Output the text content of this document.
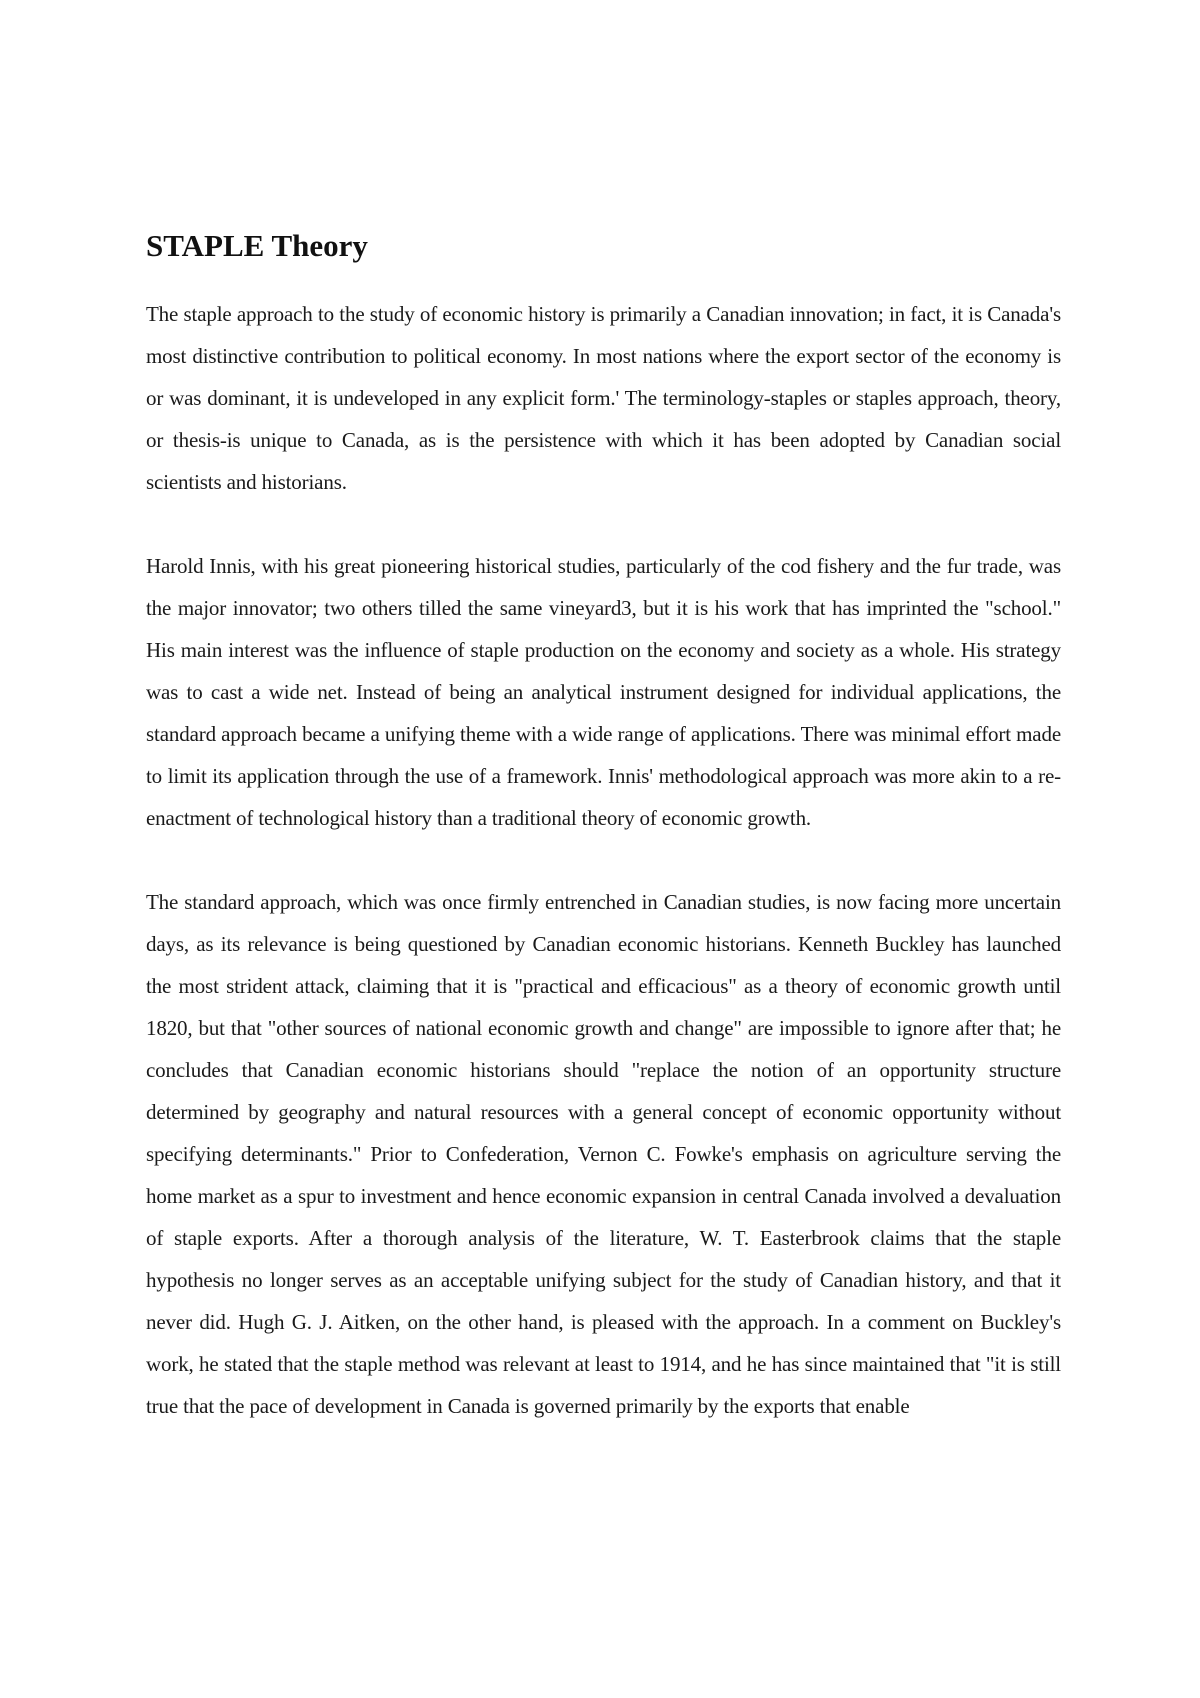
STAPLE Theory

The staple approach to the study of economic history is primarily a Canadian innovation; in fact, it is Canada's most distinctive contribution to political economy. In most nations where the export sector of the economy is or was dominant, it is undeveloped in any explicit form.' The terminology-staples or staples approach, theory, or thesis-is unique to Canada, as is the persistence with which it has been adopted by Canadian social scientists and historians.

Harold Innis, with his great pioneering historical studies, particularly of the cod fishery and the fur trade, was the major innovator; two others tilled the same vineyard3, but it is his work that has imprinted the "school." His main interest was the influence of staple production on the economy and society as a whole. His strategy was to cast a wide net. Instead of being an analytical instrument designed for individual applications, the standard approach became a unifying theme with a wide range of applications. There was minimal effort made to limit its application through the use of a framework. Innis' methodological approach was more akin to a re-enactment of technological history than a traditional theory of economic growth.

The standard approach, which was once firmly entrenched in Canadian studies, is now facing more uncertain days, as its relevance is being questioned by Canadian economic historians. Kenneth Buckley has launched the most strident attack, claiming that it is "practical and efficacious" as a theory of economic growth until 1820, but that "other sources of national economic growth and change" are impossible to ignore after that; he concludes that Canadian economic historians should "replace the notion of an opportunity structure determined by geography and natural resources with a general concept of economic opportunity without specifying determinants." Prior to Confederation, Vernon C. Fowke's emphasis on agriculture serving the home market as a spur to investment and hence economic expansion in central Canada involved a devaluation of staple exports. After a thorough analysis of the literature, W. T. Easterbrook claims that the staple hypothesis no longer serves as an acceptable unifying subject for the study of Canadian history, and that it never did. Hugh G. J. Aitken, on the other hand, is pleased with the approach. In a comment on Buckley's work, he stated that the staple method was relevant at least to 1914, and he has since maintained that "it is still true that the pace of development in Canada is governed primarily by the exports that enable
